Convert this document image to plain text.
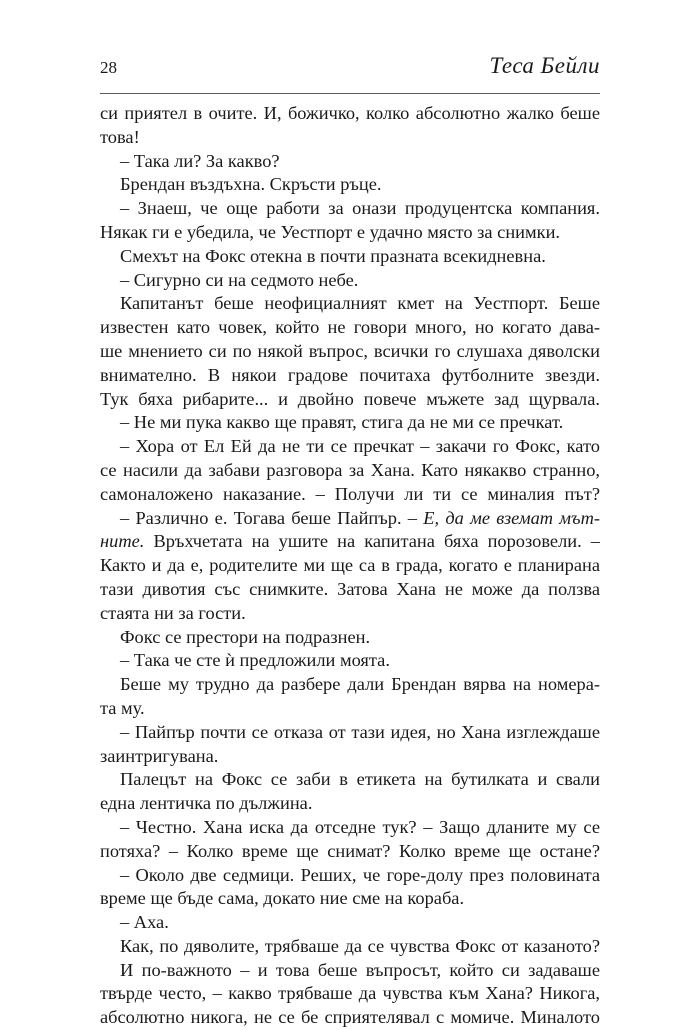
28	Теса Бейли
си приятел в очите. И, божичко, колко абсолютно жалко беше
това!
– Така ли? За какво?
Брендан въздъхна. Скръсти ръце.
– Знаеш, че още работи за онази продуцентска компания.
Някак ги е убедила, че Уестпорт е удачно място за снимки.
Смехът на Фокс отекна в почти празната всекидневна.
– Сигурно си на седмото небе.
Капитанът беше неофициалният кмет на Уестпорт. Беше
известен като човек, който не говори много, но когато дава-
ше мнението си по някой въпрос, всички го слушаха дяволски
внимателно. В някои градове почитаха футболните звезди.
Тук бяха рибарите... и двойно повече мъжете зад щурвала.
– Не ми пука какво ще правят, стига да не ми се пречкат.
– Хора от Ел Ей да не ти се пречкат – закачи го Фокс, като
се насили да забави разговора за Хана. Като някакво странно,
самоналожено наказание. – Получи ли ти се миналия път?
– Различно е. Тогава беше Пайпър. – Е, да ме вземат мът-
ните. Връхчетата на ушите на капитана бяха порозовели. –
Както и да е, родителите ми ще са в града, когато е планирана
тази дивотия със снимките. Затова Хана не може да ползва
стаята ни за гости.
Фокс се престори на подразнен.
– Така че сте ѝ предложили моята.
Беше му трудно да разбере дали Брендан вярва на номера-
та му.
– Пайпър почти се отказа от тази идея, но Хана изглеждаше
заинтригувана.
Палецът на Фокс се заби в етикета на бутилката и свали
една лентичка по дължина.
– Честно. Хана иска да отседне тук? – Защо дланите му се
потяха? – Колко време ще снимат? Колко време ще остане?
– Около две седмици. Реших, че горе-долу през половината
време ще бъде сама, докато ние сме на кораба.
– Аха.
Как, по дяволите, трябваше да се чувства Фокс от казаното?
И по-важното – и това беше въпросът, който си задаваше
твърде често, – какво трябваше да чувства към Хана? Никога,
абсолютно никога, не се бе сприятелявал с момиче. Миналото
